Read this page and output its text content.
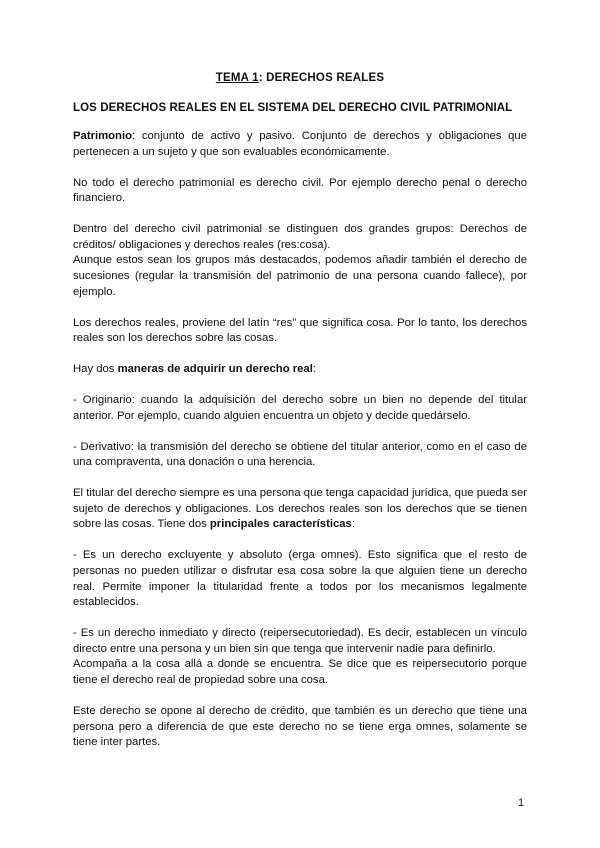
TEMA 1: DERECHOS REALES
LOS DERECHOS REALES EN EL SISTEMA DEL DERECHO CIVIL PATRIMONIAL

Patrimonio: conjunto de activo y pasivo. Conjunto de derechos y obligaciones que pertenecen a un sujeto y que son evaluables económicamente.

No todo el derecho patrimonial es derecho civil. Por ejemplo derecho penal o derecho financiero.

Dentro del derecho civil patrimonial se distinguen dos grandes grupos: Derechos de créditos/ obligaciones y derechos reales (res:cosa).

Aunque estos sean los grupos más destacados, podemos añadir también el derecho de sucesiones (regular la transmisión del patrimonio de una persona cuando fallece), por ejemplo.

Los derechos reales, proviene del latín “res” que significa cosa. Por lo tanto, los derechos reales son los derechos sobre las cosas.

Hay dos maneras de adquirir un derecho real:

- Originario: cuando la adquisición del derecho sobre un bien no depende del titular anterior. Por ejemplo, cuando alguien encuentra un objeto y decide quedárselo.

- Derivativo: la transmisión del derecho se obtiene del titular anterior, como en el caso de una compraventa, una donación o una herencia.

El titular del derecho siempre es una persona que tenga capacidad jurídica, que pueda ser sujeto de derechos y obligaciones. Los derechos reales son los derechos que se tienen sobre las cosas. Tiene dos principales características:

- Es un derecho excluyente y absoluto (erga omnes). Esto significa que el resto de personas no pueden utilizar o disfrutar esa cosa sobre la que alguien tiene un derecho real. Permite imponer la titularidad frente a todos por los mecanismos legalmente establecidos.

- Es un derecho inmediato y directo (reipersecutoriedad). Es decir, establecen un vínculo directo entre una persona y un bien sin que tenga que intervenir nadie para definirlo.

Acompaña a la cosa allá a donde se encuentra. Se dice que es reipersecutorio porque tiene el derecho real de propiedad sobre una cosa.

Este derecho se opone al derecho de crédito, que también es un derecho que tiene una persona pero a diferencia de que este derecho no se tiene erga omnes, solamente se tiene inter partes.

1
